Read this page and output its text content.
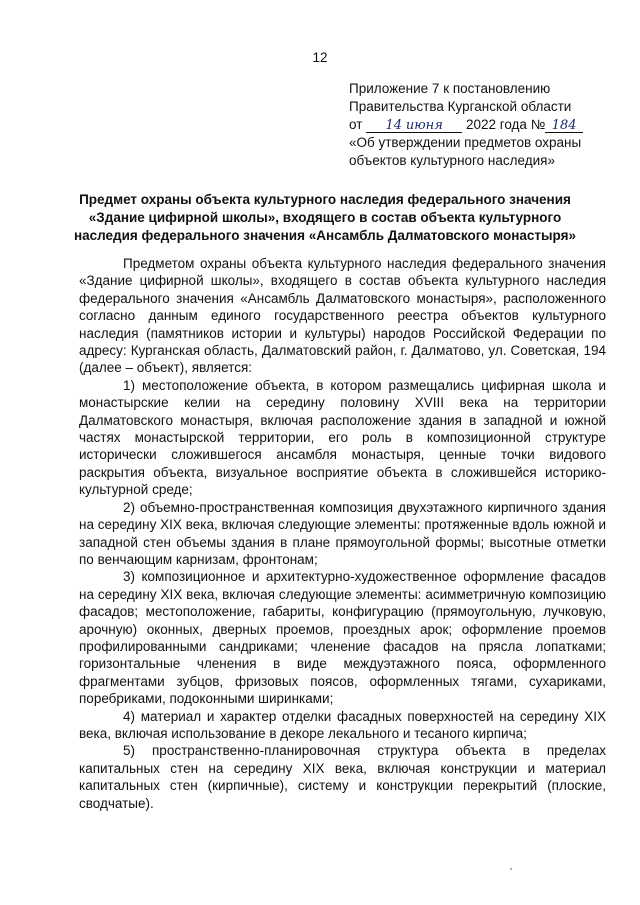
12
Приложение 7 к постановлению
Правительства Курганской области
от 14 июня 2022 года № 184
«Об утверждении предметов охраны
объектов культурного наследия»
Предмет охраны объекта культурного наследия федерального значения
«Здание цифирной школы», входящего в состав объекта культурного
наследия федерального значения «Ансамбль Далматовского монастыря»

Предметом охраны объекта культурного наследия федерального значения «Здание цифирной школы», входящего в состав объекта культурного наследия федерального значения «Ансамбль Далматовского монастыря», расположенного согласно данным единого государственного реестра объектов культурного наследия (памятников истории и культуры) народов Российской Федерации по адресу: Курганская область, Далматовский район, г. Далматово, ул. Советская, 194 (далее – объект), является:

1) местоположение объекта, в котором размещались цифирная школа и монастырские келии на середину половину XVIII века на территории Далматовского монастыря, включая расположение здания в западной и южной частях монастырской территории, его роль в композиционной структуре исторически сложившегося ансамбля монастыря, ценные точки видового раскрытия объекта, визуальное восприятие объекта в сложившейся историко-культурной среде;

2) объемно-пространственная композиция двухэтажного кирпичного здания на середину XIX века, включая следующие элементы: протяженные вдоль южной и западной стен объемы здания в плане прямоугольной формы; высотные отметки по венчающим карнизам, фронтонам;

3) композиционное и архитектурно-художественное оформление фасадов на середину XIX века, включая следующие элементы: асимметричную композицию фасадов; местоположение, габариты, конфигурацию (прямоугольную, лучковую, арочную) оконных, дверных проемов, проездных арок; оформление проемов профилированными сандриками; членение фасадов на прясла лопатками; горизонтальные членения в виде междуэтажного пояса, оформленного фрагментами зубцов, фризовых поясов, оформленных тягами, сухариками, поребриками, подоконными ширинками;

4) материал и характер отделки фасадных поверхностей на середину XIX века, включая использование в декоре лекального и тесаного кирпича;

5) пространственно-планировочная структура объекта в пределах капитальных стен на середину XIX века, включая конструкции и материал капитальных стен (кирпичные), систему и конструкции перекрытий (плоские, сводчатые).
